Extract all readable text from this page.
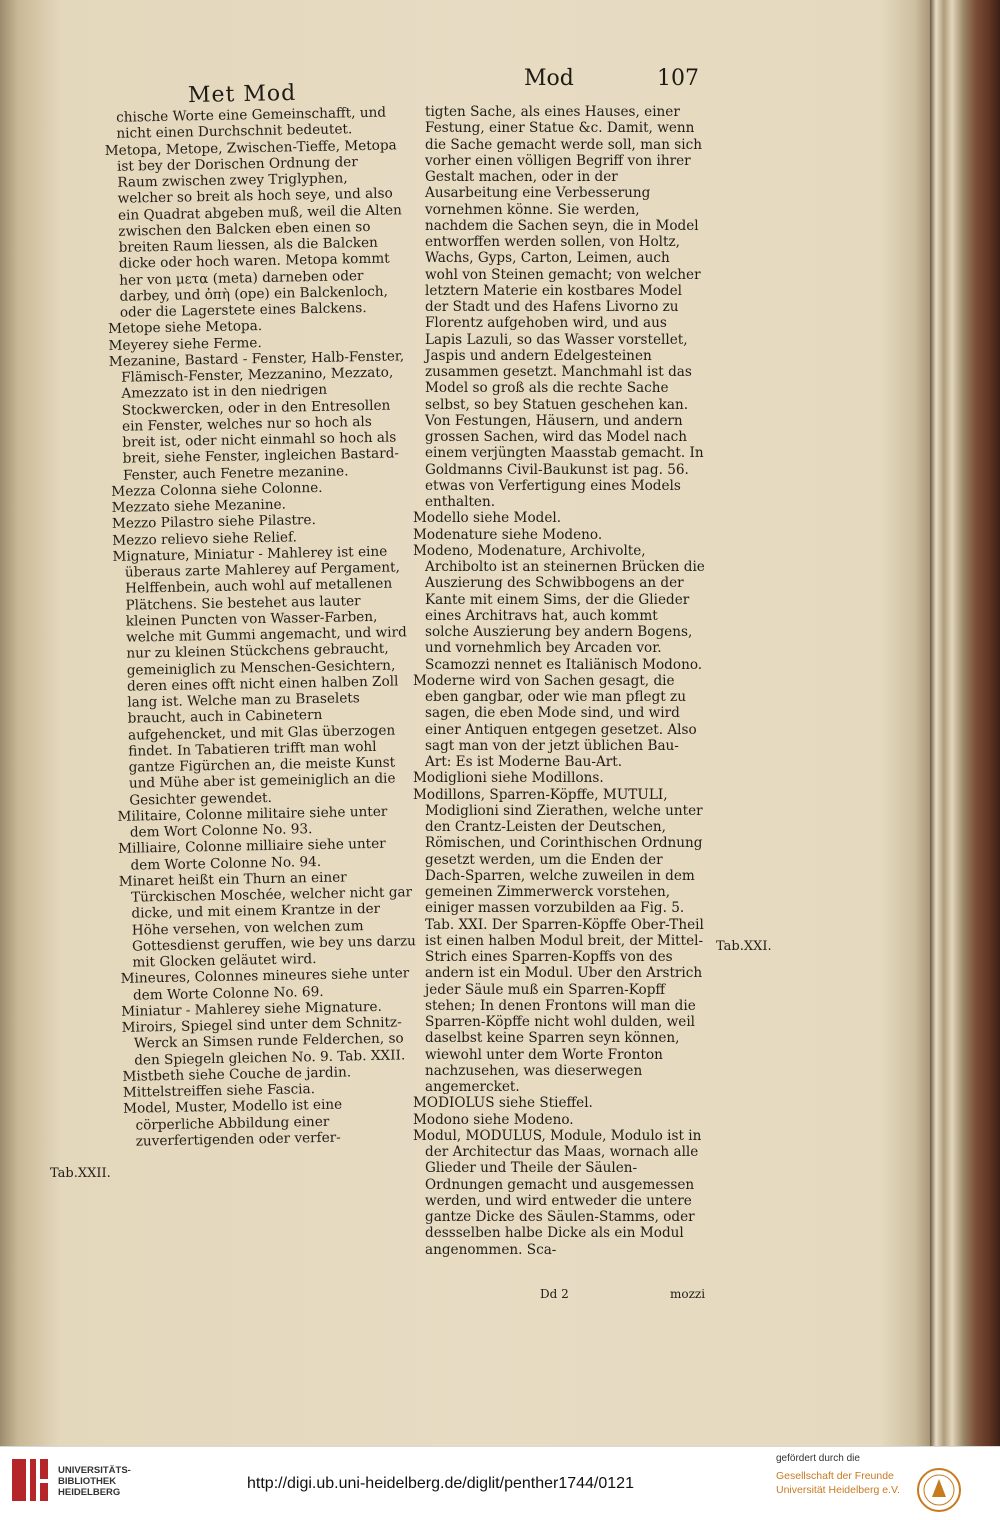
Met Mod
Mod	107

chische Worte eine Gemeinschafft, und nicht einen Durchschnit bedeutet.

Metopa, Metope, Zwischen-Tieffe, Metopa ist bey der Dorischen Ordnung der Raum zwischen zwey Triglyphen, welcher so breit als hoch seye, und also ein Quadrat abgeben muß, weil die Alten zwischen den Balcken eben einen so breiten Raum liessen, als die Balcken dicke oder hoch waren. Metopa kommt her von μετα (meta) darneben oder darbey, und ὀπὴ (ope) ein Balckenloch, oder die Lagerstete eines Balckens.

Metope siehe Metopa.

Meyerey siehe Ferme.

Mezanine, Bastard - Fenster, Halb-Fenster, Flämisch-Fenster, Mezzanino, Mezzato, Amezzato ist in den niedrigen Stockwercken, oder in den Entresollen ein Fenster, welches nur so hoch als breit ist, oder nicht einmahl so hoch als breit, siehe Fenster, ingleichen Bastard-Fenster, auch Fenetre mezanine.

Mezza Colonna siehe Colonne.

Mezzato siehe Mezanine.

Mezzo Pilastro siehe Pilastre.

Mezzo relievo siehe Relief.

Mignature, Miniatur - Mahlerey ist eine überaus zarte Mahlerey auf Pergament, Helffenbein, auch wohl auf metallenen Plätchens. Sie bestehet aus lauter kleinen Puncten von Wasser-Farben, welche mit Gummi angemacht, und wird nur zu kleinen Stückchens gebraucht, gemeiniglich zu Menschen-Gesichtern, deren eines offt nicht einen halben Zoll lang ist. Welche man zu Braselets braucht, auch in Cabinetern aufgehencket, und mit Glas überzogen findet. In Tabatieren trifft man wohl gantze Figürchen an, die meiste Kunst und Mühe aber ist gemeiniglich an die Gesichter gewendet.

Militaire, Colonne militaire siehe unter dem Wort Colonne No. 93.

Milliaire, Colonne milliaire siehe unter dem Worte Colonne No. 94.

Minaret heißt ein Thurn an einer Türckischen Moschée, welcher nicht gar dicke, und mit einem Krantze in der Höhe versehen, von welchen zum Gottesdienst geruffen, wie bey uns darzu mit Glocken geläutet wird.

Mineures, Colonnes mineures siehe unter dem Worte Colonne No. 69.

Miniatur - Mahlerey siehe Mignature.

Miroirs, Spiegel sind unter dem Schnitz-Werck an Simsen runde Felderchen, so den Spiegeln gleichen No. 9. Tab. XXII.

Mistbeth siehe Couche de jardin.

Mittelstreiffen siehe Fascia.

Model, Muster, Modello ist eine cörperliche Abbildung einer zuverfertigenden oder verfer-

tigten Sache, als eines Hauses, einer Festung, einer Statue &c. Damit, wenn die Sache gemacht werde soll, man sich vorher einen völligen Begriff von ihrer Gestalt machen, oder in der Ausarbeitung eine Verbesserung vornehmen könne. Sie werden, nachdem die Sachen seyn, die in Model entworffen werden sollen, von Holtz, Wachs, Gyps, Carton, Leimen, auch wohl von Steinen gemacht; von welcher letztern Materie ein kostbares Model der Stadt und des Hafens Livorno zu Florentz aufgehoben wird, und aus Lapis Lazuli, so das Wasser vorstellet, Jaspis und andern Edelgesteinen zusammen gesetzt. Manchmahl ist das Model so groß als die rechte Sache selbst, so bey Statuen geschehen kan. Von Festungen, Häusern, und andern grossen Sachen, wird das Model nach einem verjüngten Maasstab gemacht. In Goldmanns Civil-Baukunst ist pag. 56. etwas von Verfertigung eines Models enthalten.

Modello siehe Model.

Modenature siehe Modeno.

Modeno, Modenature, Archivolte, Archibolto ist an steinernen Brücken die Auszierung des Schwibbogens an der Kante mit einem Sims, der die Glieder eines Architravs hat, auch kommt solche Auszierung bey andern Bogens, und vornehmlich bey Arcaden vor. Scamozzi nennet es Italiänisch Modono.

Moderne wird von Sachen gesagt, die eben gangbar, oder wie man pflegt zu sagen, die eben Mode sind, und wird einer Antiquen entgegen gesetzet. Also sagt man von der jetzt üblichen Bau-Art: Es ist Moderne Bau-Art.

Modiglioni siehe Modillons.

Modillons, Sparren-Köpffe, MUTULI, Modiglioni sind Zierathen, welche unter den Crantz-Leisten der Deutschen, Römischen, und Corinthischen Ordnung gesetzt werden, um die Enden der Dach-Sparren, welche zuweilen in dem gemeinen Zimmerwerck vorstehen, einiger massen vorzubilden aa Fig. 5. Tab. XXI. Der Sparren-Köpffe Ober-Theil ist einen halben Modul breit, der Mittel-Strich eines Sparren-Kopffs von des andern ist ein Modul. Uber den Arstrich jeder Säule muß ein Sparren-Kopff stehen; In denen Frontons will man die Sparren-Köpffe nicht wohl dulden, weil daselbst keine Sparren seyn können, wiewohl unter dem Worte Fronton nachzusehen, was dieserwegen angemercket.

MODIOLUS siehe Stieffel.

Modono siehe Modeno.

Modul, MODULUS, Module, Modulo ist in der Architectur das Maas, wornach alle Glieder und Theile der Säulen-Ordnungen gemacht und ausgemessen werden, und wird entweder die untere gantze Dicke des Säulen-Stamms, oder dessselben halbe Dicke als ein Modul angenommen. Sca-

Tab.XXI.
Tab.XXII.
Dd 2	mozzi
UNIVERSITÄTS-
BIBLIOTHEK
HEIDELBERG
http://digi.ub.uni-heidelberg.de/diglit/penther1744/0121
gefördert durch die
Gesellschaft der Freunde
Universität Heidelberg e.V.
